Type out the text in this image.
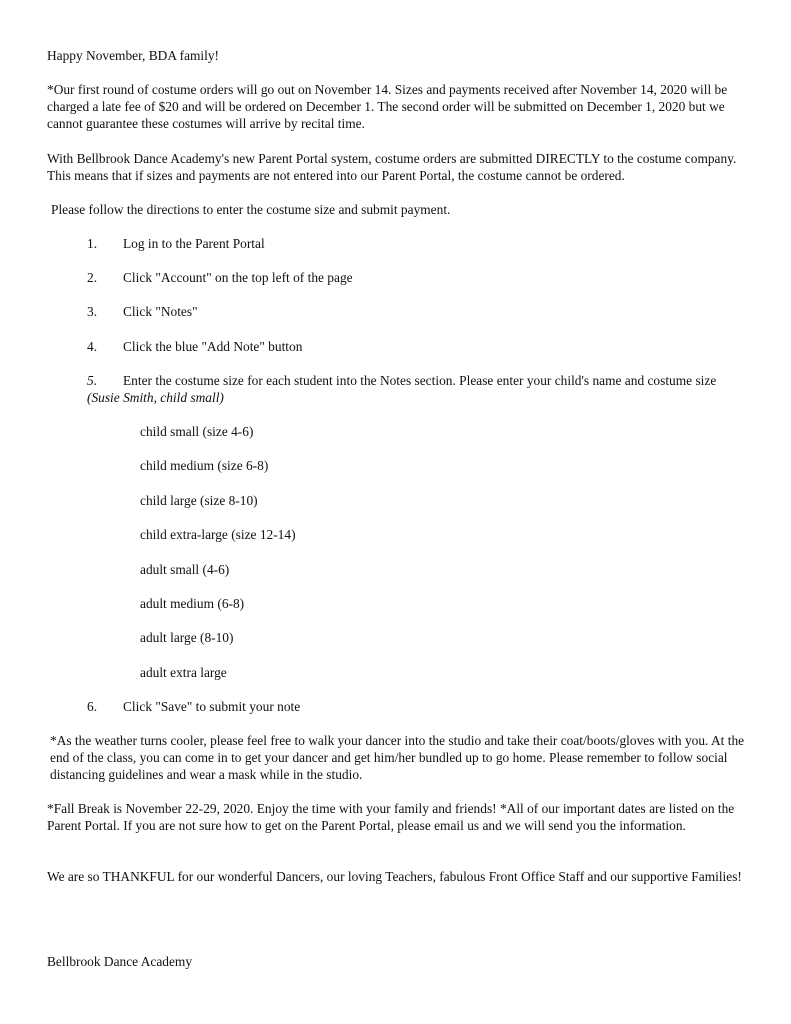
Happy November, BDA family!

*Our first round of costume orders will go out on November 14. Sizes and payments received after November 14, 2020 will be charged a late fee of $20 and will be ordered on December 1. The second order will be submitted on December 1, 2020 but we cannot guarantee these costumes will arrive by recital time.

With Bellbrook Dance Academy's new Parent Portal system, costume orders are submitted DIRECTLY to the costume company. This means that if sizes and payments are not entered into our Parent Portal, the costume cannot be ordered.

Please follow the directions to enter the costume size and submit payment.

1. Log in to the Parent Portal
2. Click "Account" on the top left of the page
3. Click "Notes"
4. Click the blue "Add Note" button
5. Enter the costume size for each student into the Notes section. Please enter your child's name and costume size (Susie Smith, child small)
child small (size 4-6)
child medium (size 6-8)
child large (size 8-10)
child extra-large (size 12-14)
adult small (4-6)
adult medium (6-8)
adult large (8-10)
adult extra large
6. Click "Save" to submit your note

*As the weather turns cooler, please feel free to walk your dancer into the studio and take their coat/boots/gloves with you. At the end of the class, you can come in to get your dancer and get him/her bundled up to go home. Please remember to follow social distancing guidelines and wear a mask while in the studio.

*Fall Break is November 22-29, 2020. Enjoy the time with your family and friends! *All of our important dates are listed on the Parent Portal. If you are not sure how to get on the Parent Portal, please email us and we will send you the information.

We are so THANKFUL for our wonderful Dancers, our loving Teachers, fabulous Front Office Staff and our supportive Families!

Bellbrook Dance Academy
